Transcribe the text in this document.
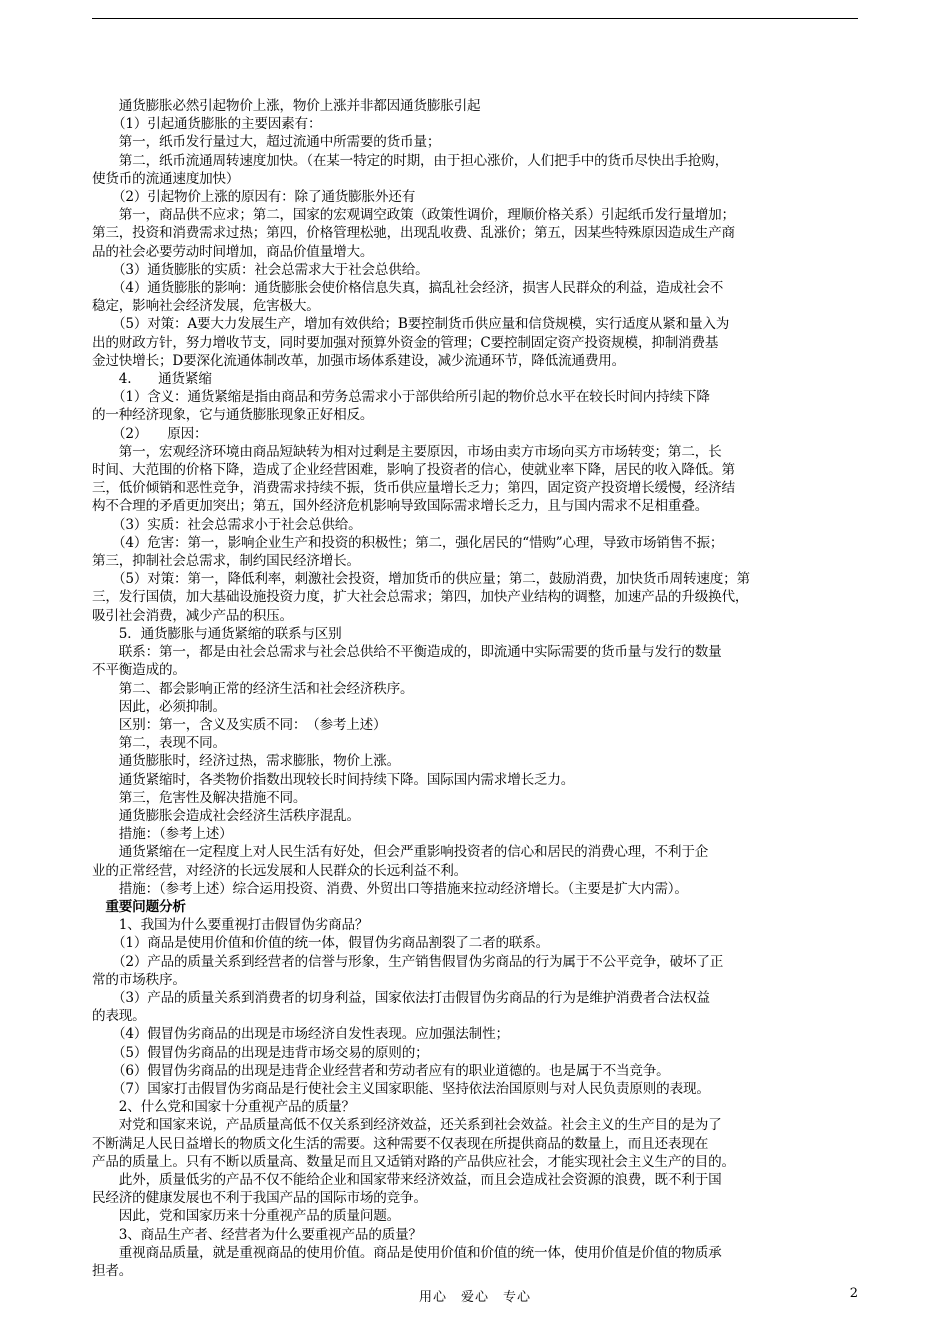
　　通货膨胀必然引起物价上涨，物价上涨并非都因通货膨胀引起
　　（1）引起通货膨胀的主要因素有：
　　第一，纸币发行量过大，超过流通中所需要的货币量；
　　第二，纸币流通周转速度加快。（在某一特定的时期，由于担心涨价，人们把手中的货币尽快出手抢购，
使货币的流通速度加快）
　　（2）引起物价上涨的原因有：除了通货膨胀外还有
　　第一，商品供不应求；第二，国家的宏观调空政策（政策性调价，理顺价格关系）引起纸币发行量增加；
第三，投资和消费需求过热；第四，价格管理松驰，出现乱收费、乱涨价；第五，因某些特殊原因造成生产商
品的社会必要劳动时间增加，商品价值量增大。
　　（3）通货膨胀的实质：社会总需求大于社会总供给。
　　（4）通货膨胀的影响：通货膨胀会使价格信息失真，搞乱社会经济，损害人民群众的利益，造成社会不
稳定，影响社会经济发展，危害极大。
　　（5）对策：A要大力发展生产，增加有效供给；B要控制货币供应量和信贷规模，实行适度从紧和量入为
出的财政方针，努力增收节支，同时要加强对预算外资金的管理；C要控制固定资产投资规模，抑制消费基
金过快增长；D要深化流通体制改革，加强市场体系建设，减少流通环节，降低流通费用。
　　4.　　通货紧缩
　　（1）含义：通货紧缩是指由商品和劳务总需求小于部供给所引起的物价总水平在较长时间内持续下降
的一种经济现象，它与通货膨胀现象正好相反。
　　（2）　　原因：
　　第一，宏观经济环境由商品短缺转为相对过剩是主要原因，市场由卖方市场向买方市场转变；第二，长
时间、大范围的价格下降，造成了企业经营困难，影响了投资者的信心，使就业率下降，居民的收入降低。第
三，低价倾销和恶性竞争，消费需求持续不振，货币供应量增长乏力；第四，固定资产投资增长缓慢，经济结
构不合理的矛盾更加突出；第五，国外经济危机影响导致国际需求增长乏力，且与国内需求不足相重叠。
　　（3）实质：社会总需求小于社会总供给。
　　（4）危害：第一，影响企业生产和投资的积极性；第二，强化居民的“惜购”心理，导致市场销售不振；
第三，抑制社会总需求，制约国民经济增长。
　　（5）对策：第一，降低利率，刺激社会投资，增加货币的供应量；第二，鼓励消费，加快货币周转速度；第
三，发行国债，加大基础设施投资力度，扩大社会总需求；第四，加快产业结构的调整，加速产品的升级换代，
吸引社会消费，减少产品的积压。
　　5．通货膨胀与通货紧缩的联系与区别
　　联系：第一，都是由社会总需求与社会总供给不平衡造成的，即流通中实际需要的货币量与发行的数量
不平衡造成的。
　　第二、都会影响正常的经济生活和社会经济秩序。
　　因此，必须抑制。
　　区别：第一，含义及实质不同：　（参考上述）
　　第二，表现不同。
　　通货膨胀时，经济过热，需求膨胀，物价上涨。
　　通货紧缩时，各类物价指数出现较长时间持续下降。国际国内需求增长乏力。
　　第三，危害性及解决措施不同。
　　通货膨胀会造成社会经济生活秩序混乱。
　　措施：（参考上述）
　　通货紧缩在一定程度上对人民生活有好处，但会严重影响投资者的信心和居民的消费心理，不利于企
业的正常经营，对经济的长远发展和人民群众的长远利益不利。
　　措施：（参考上述）综合运用投资、消费、外贸出口等措施来拉动经济增长。（主要是扩大内需）。
　重要问题分析
　　1、我国为什么要重视打击假冒伪劣商品？
　　（1）商品是使用价值和价值的统一体，假冒伪劣商品割裂了二者的联系。
　　（2）产品的质量关系到经营者的信誉与形象，生产销售假冒伪劣商品的行为属于不公平竞争，破坏了正
常的市场秩序。
　　（3）产品的质量关系到消费者的切身利益，国家依法打击假冒伪劣商品的行为是维护消费者合法权益
的表现。
　　（4）假冒伪劣商品的出现是市场经济自发性表现。应加强法制性；
　　（5）假冒伪劣商品的出现是违背市场交易的原则的；
　　（6）假冒伪劣商品的出现是违背企业经营者和劳动者应有的职业道德的。也是属于不当竞争。
　　（7）国家打击假冒伪劣商品是行使社会主义国家职能、坚持依法治国原则与对人民负责原则的表现。
　　2、什么党和国家十分重视产品的质量？
　　对党和国家来说，产品质量高低不仅关系到经济效益，还关系到社会效益。社会主义的生产目的是为了
不断满足人民日益增长的物质文化生活的需要。这种需要不仅表现在所提供商品的数量上，而且还表现在
产品的质量上。只有不断以质量高、数量足而且又适销对路的产品供应社会，才能实现社会主义生产的目的。
　　此外，质量低劣的产品不仅不能给企业和国家带来经济效益，而且会造成社会资源的浪费，既不利于国
民经济的健康发展也不利于我国产品的国际市场的竞争。
　　因此，党和国家历来十分重视产品的质量问题。
　　3、商品生产者、经营者为什么要重视产品的质量？
　　重视商品质量，就是重视商品的使用价值。商品是使用价值和价值的统一体，使用价值是价值的物质承
担者。
用心　爱心　专心	2
